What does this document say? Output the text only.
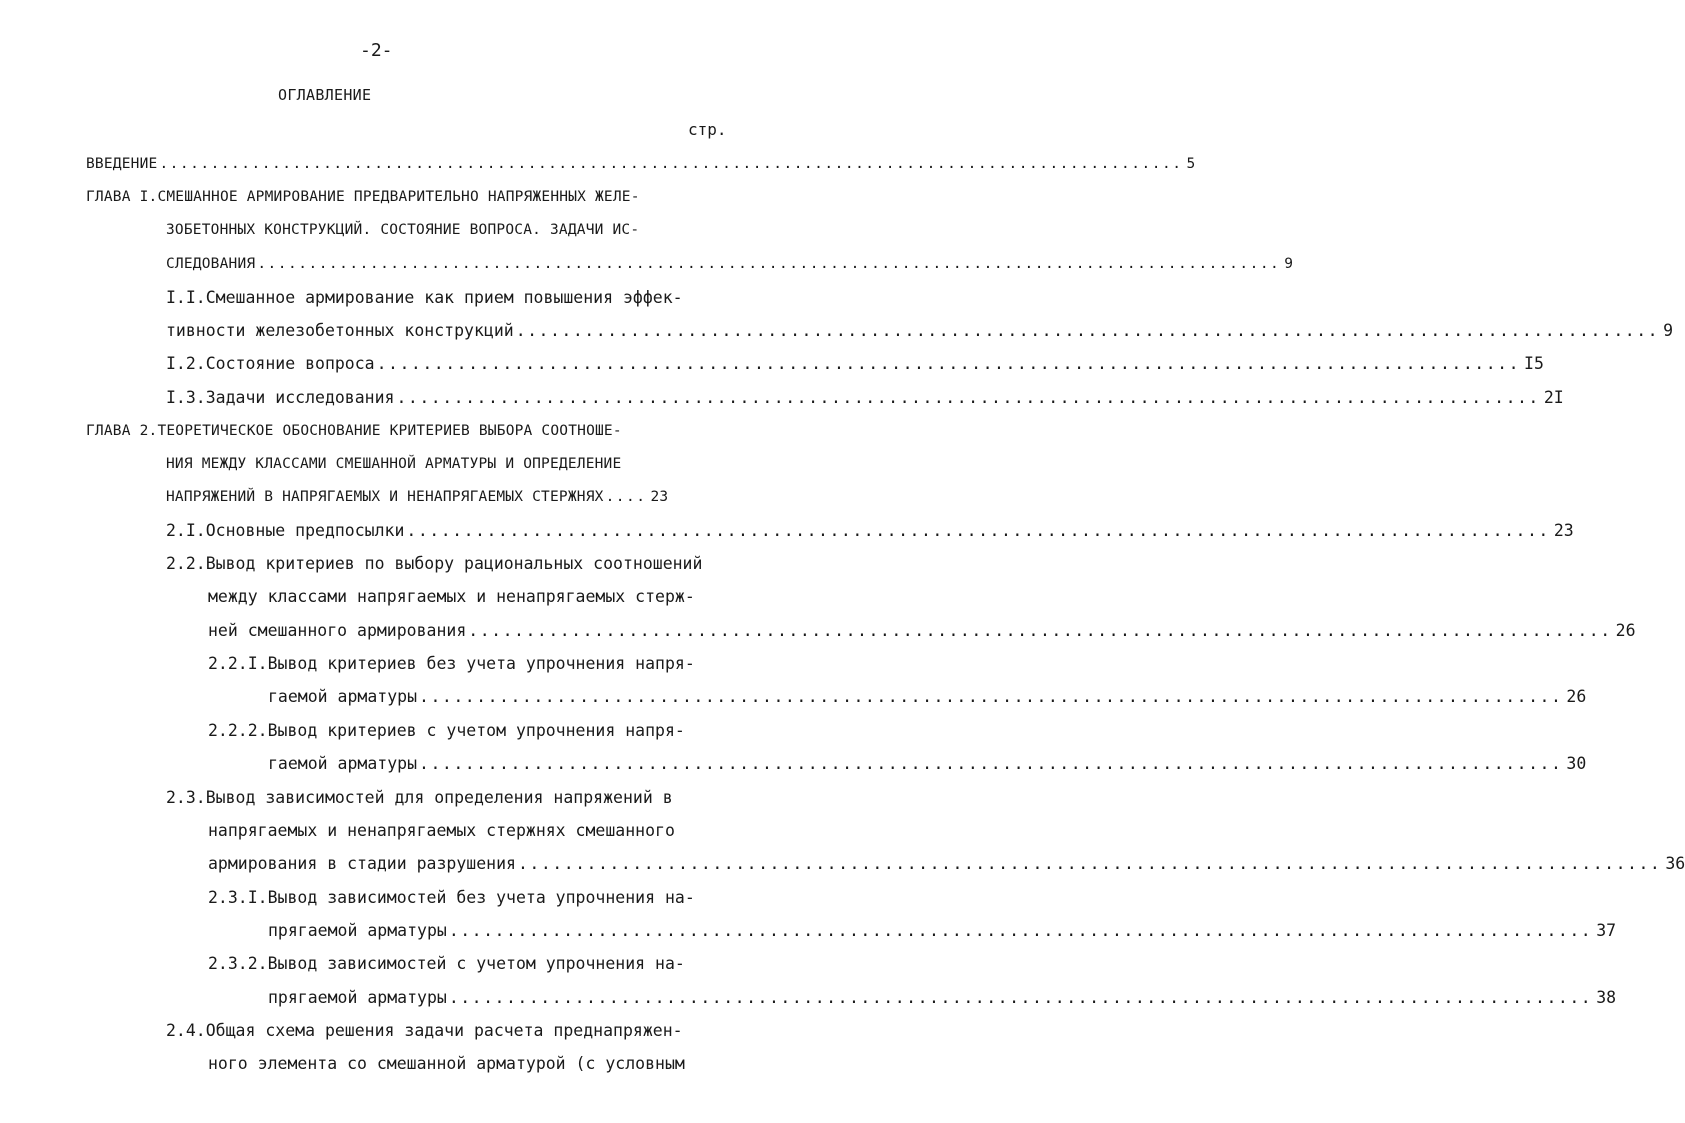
-2-
ОГЛАВЛЕНИЕ
стр.
ВВЕДЕНИЕ .................................................................................................... 5
ГЛАВА I.СМЕШАННОЕ АРМИРОВАНИЕ ПРЕДВАРИТЕЛЬНО НАПРЯЖЕННЫХ ЖЕЛЕ-
ЗОБЕТОННЫХ КОНСТРУКЦИЙ. СОСТОЯНИЕ ВОПРОСА. ЗАДАЧИ ИС-
СЛЕДОВАНИЯ .................................................................................................... 9
I.I.Смешанное армирование как прием повышения эффек-
тивности железобетонных конструкций .................................................................................................... 9
I.2.Состояние вопроса .................................................................................................... I5
I.3.Задачи исследования .................................................................................................... 2I
ГЛАВА 2.ТЕОРЕТИЧЕСКОЕ ОБОСНОВАНИЕ КРИТЕРИЕВ ВЫБОРА СООТНОШЕ-
НИЯ МЕЖДУ КЛАССАМИ СМЕШАННОЙ АРМАТУРЫ И ОПРЕДЕЛЕНИЕ
НАПРЯЖЕНИЙ В НАПРЯГАЕМЫХ И НЕНАПРЯГАЕМЫХ СТЕРЖНЯХ .... 23
2.I.Основные предпосылки .................................................................................................... 23
2.2.Вывод критериев по выбору рациональных соотношений
между классами напрягаемых и ненапрягаемых стерж-
ней смешанного армирования .................................................................................................... 26
2.2.I.Вывод критериев без учета упрочнения напря-
гаемой арматуры .................................................................................................... 26
2.2.2.Вывод критериев с учетом упрочнения напря-
гаемой арматуры .................................................................................................... 30
2.3.Вывод зависимостей для определения напряжений в
напрягаемых и ненапрягаемых стержнях смешанного
армирования в стадии разрушения .................................................................................................... 36
2.3.I.Вывод зависимостей без учета упрочнения на-
прягаемой арматуры .................................................................................................... 37
2.3.2.Вывод зависимостей с учетом упрочнения на-
прягаемой арматуры .................................................................................................... 38
2.4.Общая схема решения задачи расчета преднапряжен-
ного элемента со смешанной арматурой (с условным
